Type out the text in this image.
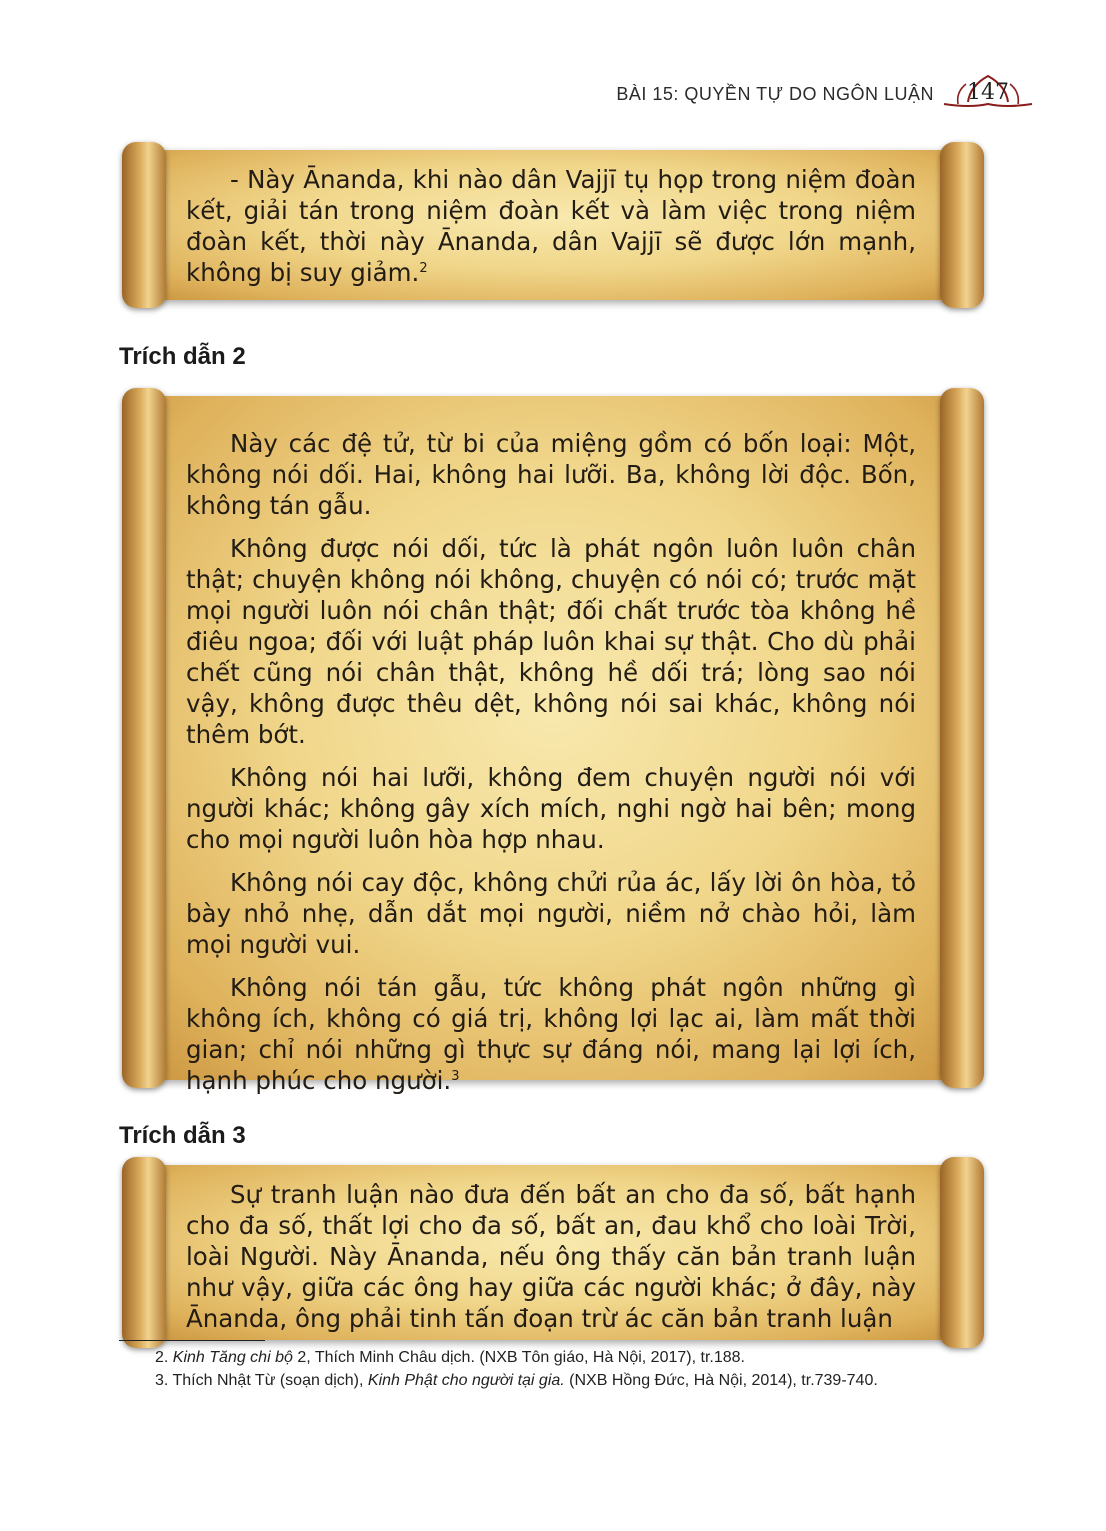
BÀI 15: QUYỀN TỰ DO NGÔN LUẬN	147

- Này Ānanda, khi nào dân Vajjī tụ họp trong niệm đoàn kết, giải tán trong niệm đoàn kết và làm việc trong niệm đoàn kết, thời này Ānanda, dân Vajjī sẽ được lớn mạnh, không bị suy giảm.$^2$

Trích dẫn 2

Này các đệ tử, từ bi của miệng gồm có bốn loại: Một, không nói dối. Hai, không hai lưỡi. Ba, không lời độc. Bốn, không tán gẫu.

Không được nói dối, tức là phát ngôn luôn luôn chân thật; chuyện không nói không, chuyện có nói có; trước mặt mọi người luôn nói chân thật; đối chất trước tòa không hề điêu ngoa; đối với luật pháp luôn khai sự thật. Cho dù phải chết cũng nói chân thật, không hề dối trá; lòng sao nói vậy, không được thêu dệt, không nói sai khác, không nói thêm bớt.

Không nói hai lưỡi, không đem chuyện người nói với người khác; không gây xích mích, nghi ngờ hai bên; mong cho mọi người luôn hòa hợp nhau.

Không nói cay độc, không chửi rủa ác, lấy lời ôn hòa, tỏ bày nhỏ nhẹ, dẫn dắt mọi người, niềm nở chào hỏi, làm mọi người vui.

Không nói tán gẫu, tức không phát ngôn những gì không ích, không có giá trị, không lợi lạc ai, làm mất thời gian; chỉ nói những gì thực sự đáng nói, mang lại lợi ích, hạnh phúc cho người.$^3$

Trích dẫn 3

Sự tranh luận nào đưa đến bất an cho đa số, bất hạnh cho đa số, thất lợi cho đa số, bất an, đau khổ cho loài Trời, loài Người. Này Ānanda, nếu ông thấy căn bản tranh luận như vậy, giữa các ông hay giữa các người khác; ở đây, này Ānanda, ông phải tinh tấn đoạn trừ ác căn bản tranh luận

2. Kinh Tăng chi bộ 2, Thích Minh Châu dịch. (NXB Tôn giáo, Hà Nội, 2017), tr.188.

3. Thích Nhật Từ (soạn dịch), Kinh Phật cho người tại gia. (NXB Hồng Đức, Hà Nội, 2014), tr.739-740.
